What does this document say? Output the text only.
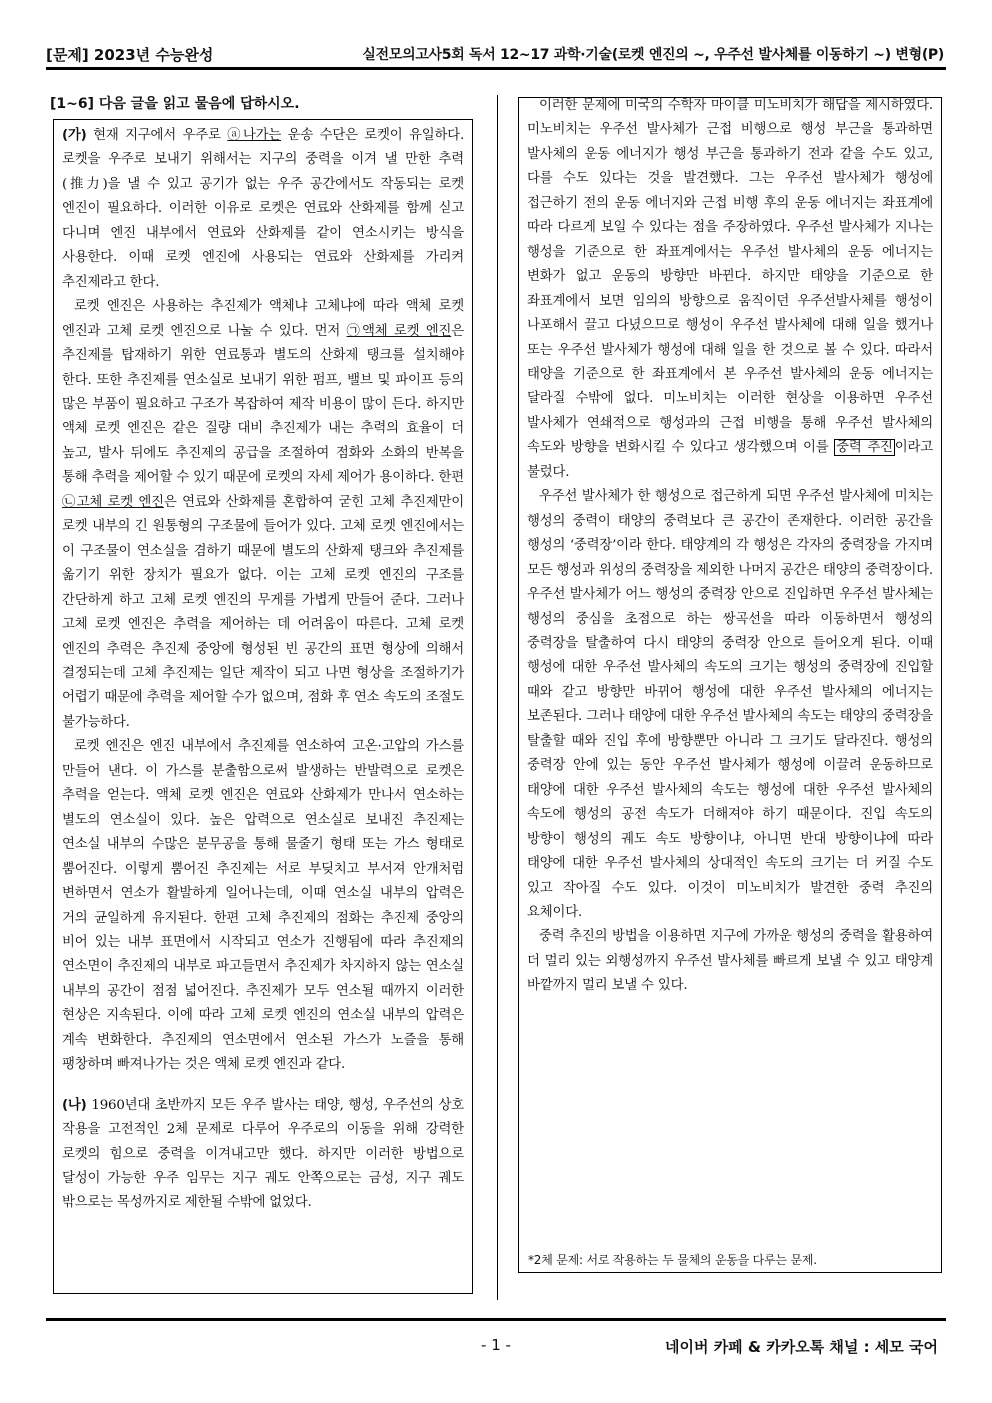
[문제] 2023년 수능완성	실전모의고사5회 독서 12~17 과학·기술(로켓 엔진의 ~, 우주선 발사체를 이동하기 ~) 변형(P)
[1~6] 다음 글을 읽고 물음에 답하시오.

(가) 현재 지구에서 우주로 ⓐ나가는 운송 수단은 로켓이 유일하다. 로켓을 우주로 보내기 위해서는 지구의 중력을 이겨 낼 만한 추력(推力)을 낼 수 있고 공기가 없는 우주 공간에서도 작동되는 로켓 엔진이 필요하다. 이러한 이유로 로켓은 연료와 산화제를 함께 싣고 다니며 엔진 내부에서 연료와 산화제를 같이 연소시키는 방식을 사용한다. 이때 로켓 엔진에 사용되는 연료와 산화제를 가리켜 추진제라고 한다.

로켓 엔진은 사용하는 추진제가 액체냐 고체냐에 따라 액체 로켓 엔진과 고체 로켓 엔진으로 나눌 수 있다. 먼저 ㉠액체 로켓 엔진은 추진제를 탑재하기 위한 연료통과 별도의 산화제 탱크를 설치해야 한다. 또한 추진제를 연소실로 보내기 위한 펌프, 밸브 및 파이프 등의 많은 부품이 필요하고 구조가 복잡하여 제작 비용이 많이 든다. 하지만 액체 로켓 엔진은 같은 질량 대비 추진제가 내는 추력의 효율이 더 높고, 발사 뒤에도 추진제의 공급을 조절하여 점화와 소화의 반복을 통해 추력을 제어할 수 있기 때문에 로켓의 자세 제어가 용이하다. 한편 ㉡고체 로켓 엔진은 연료와 산화제를 혼합하여 굳힌 고체 추진제만이 로켓 내부의 긴 원통형의 구조물에 들어가 있다. 고체 로켓 엔진에서는 이 구조물이 연소실을 겸하기 때문에 별도의 산화제 탱크와 추진제를 옮기기 위한 장치가 필요가 없다. 이는 고체 로켓 엔진의 구조를 간단하게 하고 고체 로켓 엔진의 무게를 가볍게 만들어 준다. 그러나 고체 로켓 엔진은 추력을 제어하는 데 어려움이 따른다. 고체 로켓 엔진의 추력은 추진제 중앙에 형성된 빈 공간의 표면 형상에 의해서 결정되는데 고체 추진제는 일단 제작이 되고 나면 형상을 조절하기가 어렵기 때문에 추력을 제어할 수가 없으며, 점화 후 연소 속도의 조절도 불가능하다.

로켓 엔진은 엔진 내부에서 추진제를 연소하여 고온·고압의 가스를 만들어 낸다. 이 가스를 분출함으로써 발생하는 반발력으로 로켓은 추력을 얻는다. 액체 로켓 엔진은 연료와 산화제가 만나서 연소하는 별도의 연소실이 있다. 높은 압력으로 연소실로 보내진 추진제는 연소실 내부의 수많은 분무공을 통해 물줄기 형태 또는 가스 형태로 뿜어진다. 이렇게 뿜어진 추진제는 서로 부딪치고 부서져 안개처럼 변하면서 연소가 활발하게 일어나는데, 이때 연소실 내부의 압력은 거의 균일하게 유지된다. 한편 고체 추진제의 점화는 추진제 중앙의 비어 있는 내부 표면에서 시작되고 연소가 진행됨에 따라 추진제의 연소면이 추진제의 내부로 파고들면서 추진제가 차지하지 않는 연소실 내부의 공간이 점점 넓어진다. 추진제가 모두 연소될 때까지 이러한 현상은 지속된다. 이에 따라 고체 로켓 엔진의 연소실 내부의 압력은 계속 변화한다. 추진제의 연소면에서 연소된 가스가 노즐을 통해 팽창하며 빠져나가는 것은 액체 로켓 엔진과 같다.

(나) 1960년대 초반까지 모든 우주 발사는 태양, 행성, 우주선의 상호 작용을 고전적인 2체 문제로 다루어 우주로의 이동을 위해 강력한 로켓의 힘으로 중력을 이겨내고만 했다. 하지만 이러한 방법으로 달성이 가능한 우주 임무는 지구 궤도 안쪽으로는 금성, 지구 궤도 밖으로는 목성까지로 제한될 수밖에 없었다.

이러한 문제에 미국의 수학자 마이클 미노비치가 해답을 제시하였다. 미노비치는 우주선 발사체가 근접 비행으로 행성 부근을 통과하면 발사체의 운동 에너지가 행성 부근을 통과하기 전과 같을 수도 있고, 다를 수도 있다는 것을 발견했다. 그는 우주선 발사체가 행성에 접근하기 전의 운동 에너지와 근접 비행 후의 운동 에너지는 좌표계에 따라 다르게 보일 수 있다는 점을 주장하였다. 우주선 발사체가 지나는 행성을 기준으로 한 좌표계에서는 우주선 발사체의 운동 에너지는 변화가 없고 운동의 방향만 바뀐다. 하지만 태양을 기준으로 한 좌표계에서 보면 임의의 방향으로 움직이던 우주선발사체를 행성이 나포해서 끌고 다녔으므로 행성이 우주선 발사체에 대해 일을 했거나 또는 우주선 발사체가 행성에 대해 일을 한 것으로 볼 수 있다. 따라서 태양을 기준으로 한 좌표계에서 본 우주선 발사체의 운동 에너지는 달라질 수밖에 없다. 미노비치는 이러한 현상을 이용하면 우주선 발사체가 연쇄적으로 행성과의 근접 비행을 통해 우주선 발사체의 속도와 방향을 변화시킬 수 있다고 생각했으며 이를 중력 추진 이라고 불렀다.

우주선 발사체가 한 행성으로 접근하게 되면 우주선 발사체에 미치는 행성의 중력이 태양의 중력보다 큰 공간이 존재한다. 이러한 공간을 행성의 ‘중력장’이라 한다. 태양계의 각 행성은 각자의 중력장을 가지며 모든 행성과 위성의 중력장을 제외한 나머지 공간은 태양의 중력장이다. 우주선 발사체가 어느 행성의 중력장 안으로 진입하면 우주선 발사체는 행성의 중심을 초점으로 하는 쌍곡선을 따라 이동하면서 행성의 중력장을 탈출하여 다시 태양의 중력장 안으로 들어오게 된다. 이때 행성에 대한 우주선 발사체의 속도의 크기는 행성의 중력장에 진입할 때와 같고 방향만 바뀌어 행성에 대한 우주선 발사체의 에너지는 보존된다. 그러나 태양에 대한 우주선 발사체의 속도는 태양의 중력장을 탈출할 때와 진입 후에 방향뿐만 아니라 그 크기도 달라진다. 행성의 중력장 안에 있는 동안 우주선 발사체가 행성에 이끌려 운동하므로 태양에 대한 우주선 발사체의 속도는 행성에 대한 우주선 발사체의 속도에 행성의 공전 속도가 더해져야 하기 때문이다. 진입 속도의 방향이 행성의 궤도 속도 방향이냐, 아니면 반대 방향이냐에 따라 태양에 대한 우주선 발사체의 상대적인 속도의 크기는 더 커질 수도 있고 작아질 수도 있다. 이것이 미노비치가 발견한 중력 추진의 요체이다.

중력 추진의 방법을 이용하면 지구에 가까운 행성의 중력을 활용하여 더 멀리 있는 외행성까지 우주선 발사체를 빠르게 보낼 수 있고 태양계 바깥까지 멀리 보낼 수 있다.

*2체 문제: 서로 작용하는 두 물체의 운동을 다루는 문제.
- 1 -	네이버 카페 & 카카오톡 채널 : 세모 국어
